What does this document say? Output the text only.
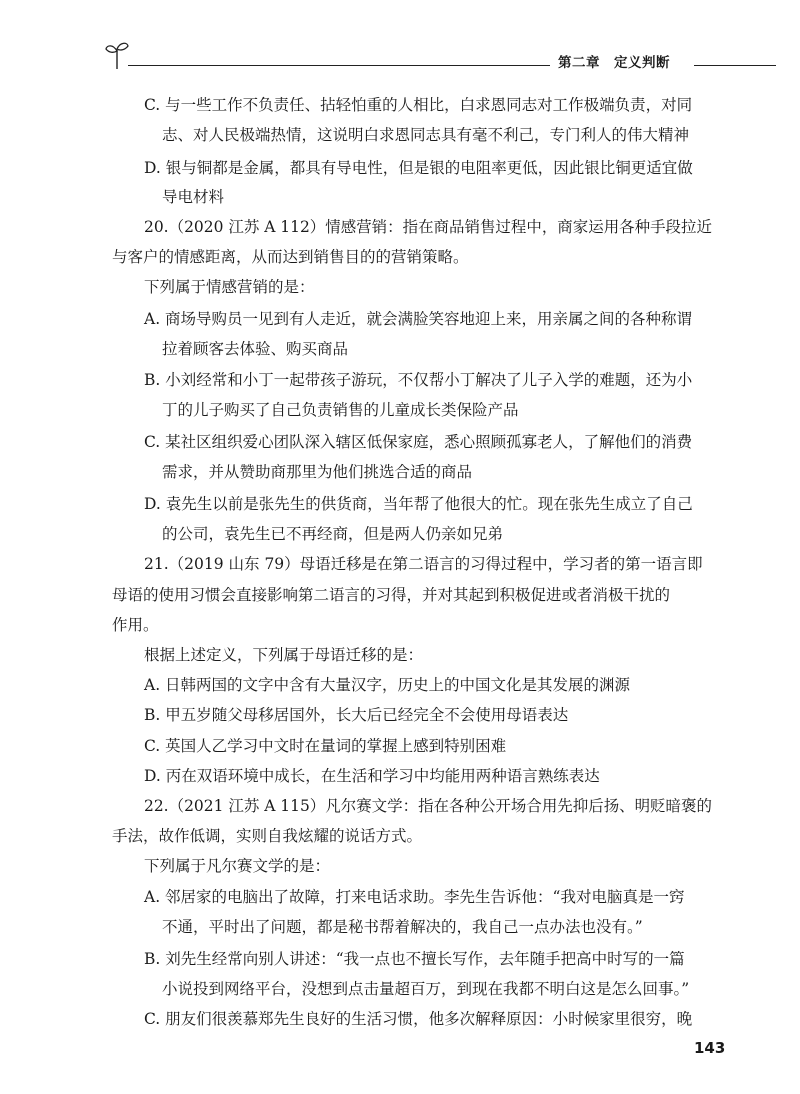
第二章　定义判断
C. 与一些工作不负责任、拈轻怕重的人相比，白求恩同志对工作极端负责，对同
志、对人民极端热情，这说明白求恩同志具有毫不利己，专门利人的伟大精神
D. 银与铜都是金属，都具有导电性，但是银的电阻率更低，因此银比铜更适宜做
导电材料
20.（2020 江苏 A 112）情感营销：指在商品销售过程中，商家运用各种手段拉近
与客户的情感距离，从而达到销售目的的营销策略。
下列属于情感营销的是：
A. 商场导购员一见到有人走近，就会满脸笑容地迎上来，用亲属之间的各种称谓
拉着顾客去体验、购买商品
B. 小刘经常和小丁一起带孩子游玩，不仅帮小丁解决了儿子入学的难题，还为小
丁的儿子购买了自己负责销售的儿童成长类保险产品
C. 某社区组织爱心团队深入辖区低保家庭，悉心照顾孤寡老人，了解他们的消费
需求，并从赞助商那里为他们挑选合适的商品
D. 袁先生以前是张先生的供货商，当年帮了他很大的忙。现在张先生成立了自己
的公司，袁先生已不再经商，但是两人仍亲如兄弟
21.（2019 山东 79）母语迁移是在第二语言的习得过程中，学习者的第一语言即
母语的使用习惯会直接影响第二语言的习得，并对其起到积极促进或者消极干扰的
作用。
根据上述定义，下列属于母语迁移的是：
A. 日韩两国的文字中含有大量汉字，历史上的中国文化是其发展的渊源
B. 甲五岁随父母移居国外，长大后已经完全不会使用母语表达
C. 英国人乙学习中文时在量词的掌握上感到特别困难
D. 丙在双语环境中成长，在生活和学习中均能用两种语言熟练表达
22.（2021 江苏 A 115）凡尔赛文学：指在各种公开场合用先抑后扬、明贬暗褒的
手法，故作低调，实则自我炫耀的说话方式。
下列属于凡尔赛文学的是：
A. 邻居家的电脑出了故障，打来电话求助。李先生告诉他：“我对电脑真是一窍
不通，平时出了问题，都是秘书帮着解决的，我自己一点办法也没有。”
B. 刘先生经常向别人讲述：“我一点也不擅长写作，去年随手把高中时写的一篇
小说投到网络平台，没想到点击量超百万，到现在我都不明白这是怎么回事。”
C. 朋友们很羡慕郑先生良好的生活习惯，他多次解释原因：小时候家里很穷，晚
143
